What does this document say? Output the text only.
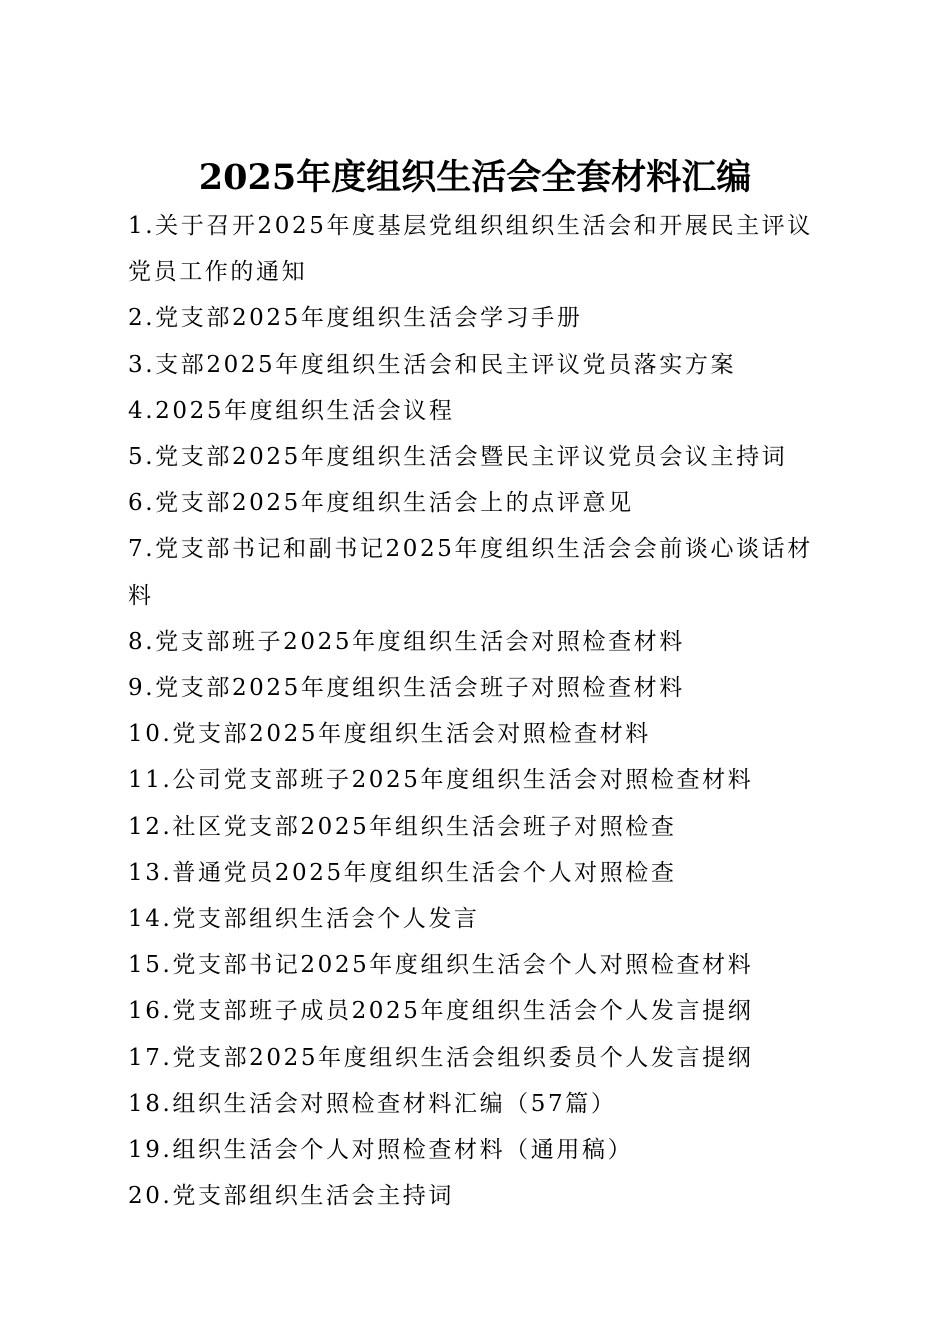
2025年度组织生活会全套材料汇编
1.关于召开2025年度基层党组织组织生活会和开展民主评议党员工作的通知
2.党支部2025年度组织生活会学习手册
3.支部2025年度组织生活会和民主评议党员落实方案
4.2025年度组织生活会议程
5.党支部2025年度组织生活会暨民主评议党员会议主持词
6.党支部2025年度组织生活会上的点评意见
7.党支部书记和副书记2025年度组织生活会会前谈心谈话材料
8.党支部班子2025年度组织生活会对照检查材料
9.党支部2025年度组织生活会班子对照检查材料
10.党支部2025年度组织生活会对照检查材料
11.公司党支部班子2025年度组织生活会对照检查材料
12.社区党支部2025年组织生活会班子对照检查
13.普通党员2025年度组织生活会个人对照检查
14.党支部组织生活会个人发言
15.党支部书记2025年度组织生活会个人对照检查材料
16.党支部班子成员2025年度组织生活会个人发言提纲
17.党支部2025年度组织生活会组织委员个人发言提纲
18.组织生活会对照检查材料汇编（57篇）
19.组织生活会个人对照检查材料（通用稿）
20.党支部组织生活会主持词
